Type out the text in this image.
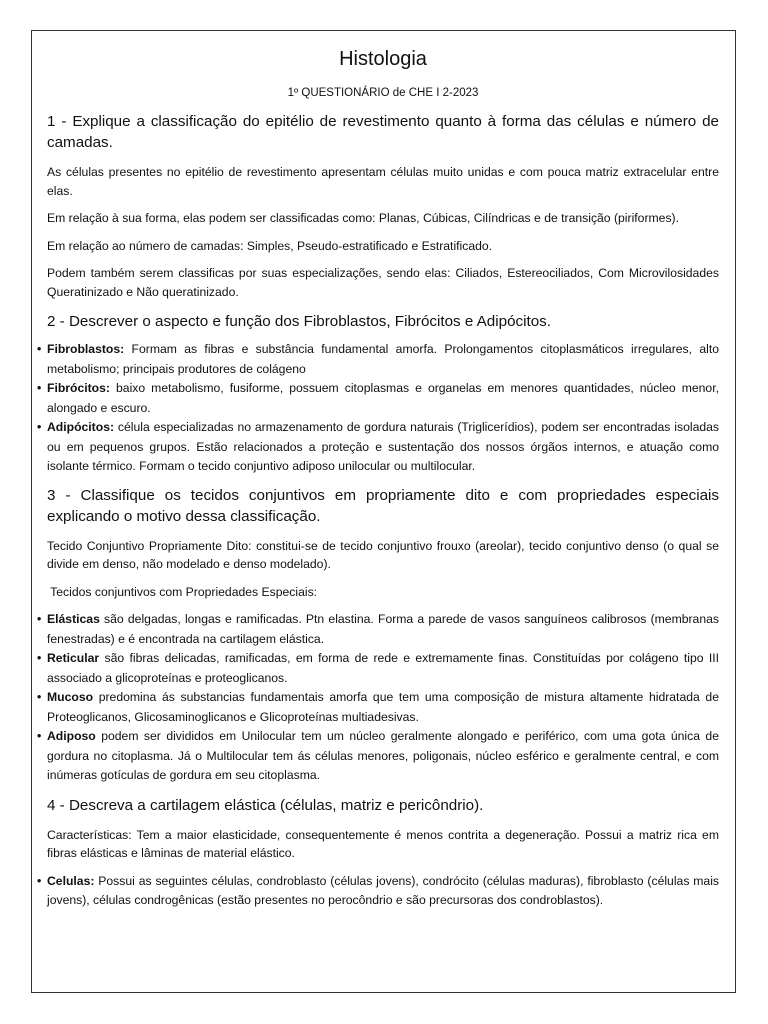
Histologia
1º QUESTIONÁRIO de CHE I 2-2023
1 - Explique a classificação do epitélio de revestimento quanto à forma das células e número de camadas.

As células presentes no epitélio de revestimento apresentam células muito unidas e com pouca matriz extracelular entre elas.

Em relação à sua forma, elas podem ser classificadas como: Planas, Cúbicas, Cilíndricas e de transição (piriformes).

Em relação ao número de camadas: Simples, Pseudo-estratificado e Estratificado.

Podem também serem classificas por suas especializações, sendo elas: Ciliados, Estereociliados, Com Microvilosidades Queratinizado e Não queratinizado.

2 - Descrever o aspecto e função dos Fibroblastos, Fibrócitos e Adipócitos.
• Fibroblastos: Formam as fibras e substância fundamental amorfa. Prolongamentos citoplasmáticos irregulares, alto metabolismo; principais produtores de colágeno
• Fibrócitos: baixo metabolismo, fusiforme, possuem citoplasmas e organelas em menores quantidades, núcleo menor, alongado e escuro.
• Adipócitos: célula especializadas no armazenamento de gordura naturais (Triglicerídios), podem ser encontradas isoladas ou em pequenos grupos. Estão relacionados a proteção e sustentação dos nossos órgãos internos, e atuação como isolante térmico. Formam o tecido conjuntivo adiposo unilocular ou multilocular.
3 - Classifique os tecidos conjuntivos em propriamente dito e com propriedades especiais explicando o motivo dessa classificação.

Tecido Conjuntivo Propriamente Dito: constitui-se de tecido conjuntivo frouxo (areolar), tecido conjuntivo denso (o qual se divide em denso, não modelado e denso modelado).

Tecidos conjuntivos com Propriedades Especiais:

• Elásticas são delgadas, longas e ramificadas. Ptn elastina. Forma a parede de vasos sanguíneos calibrosos (membranas fenestradas) e é encontrada na cartilagem elástica.
• Reticular são fibras delicadas, ramificadas, em forma de rede e extremamente finas. Constituídas por colágeno tipo III associado a glicoproteínas e proteoglicanos.
• Mucoso predomina ás substancias fundamentais amorfa que tem uma composição de mistura altamente hidratada de Proteoglicanos, Glicosaminoglicanos e Glicoproteínas multiadesivas.
• Adiposo podem ser divididos em Unilocular tem um núcleo geralmente alongado e periférico, com uma gota única de gordura no citoplasma. Já o Multilocular tem ás células menores, poligonais, núcleo esférico e geralmente central, e com inúmeras gotículas de gordura em seu citoplasma.
4 - Descreva a cartilagem elástica (células, matriz e pericôndrio).

Características: Tem a maior elasticidade, consequentemente é menos contrita a degeneração. Possui a matriz rica em fibras elásticas e lâminas de material elástico.

• Celulas: Possui as seguintes células, condroblasto (células jovens), condrócito (células maduras), fibroblasto (células mais jovens), células condrogênicas (estão presentes no perocôndrio e são precursoras dos condroblastos).
